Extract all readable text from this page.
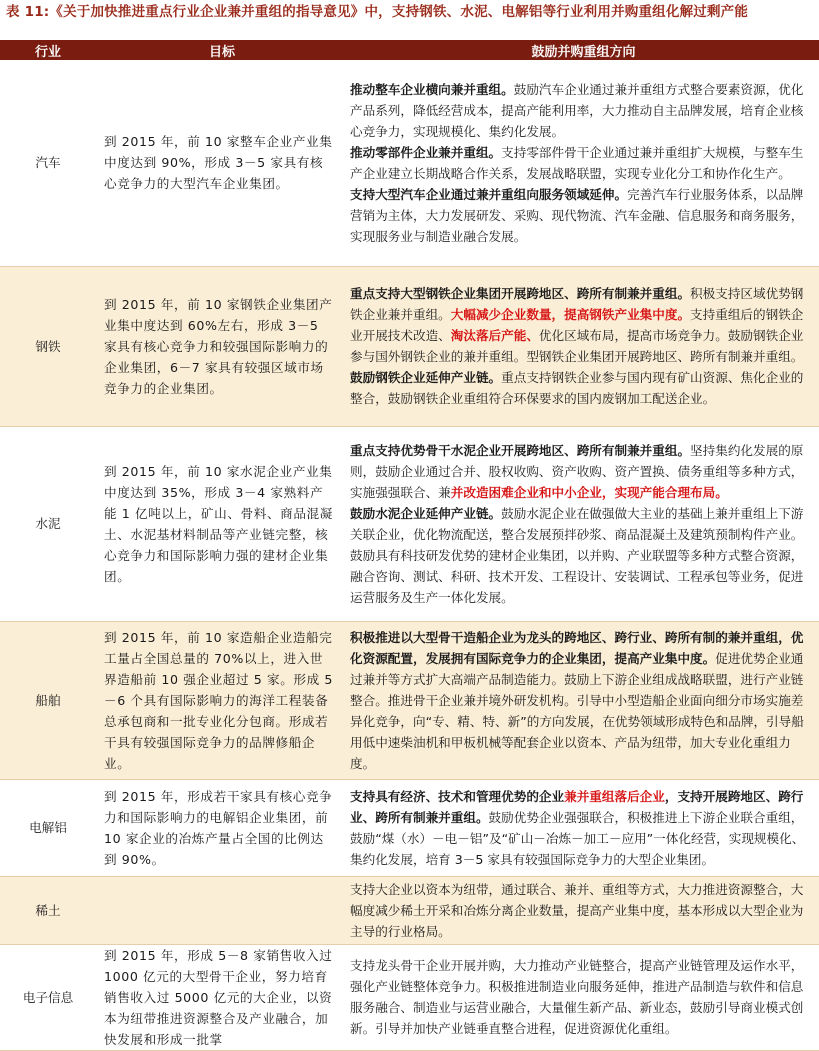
表 11:《关于加快推进重点行业企业兼并重组的指导意见》中，支持钢铁、水泥、电解铝等行业利用并购重组化解过剩产能
行业	目标	鼓励并购重组方向
汽车	到 2015 年，前 10 家整车企业产业集中度达到 90%，形成 3－5 家具有核心竞争力的大型汽车企业集团。	推动整车企业横向兼并重组。鼓励汽车企业通过兼并重组方式整合要素资源，优化产品系列，降低经营成本，提高产能利用率，大力推动自主品牌发展，培育企业核心竞争力，实现规模化、集约化发展。
推动零部件企业兼并重组。支持零部件骨干企业通过兼并重组扩大规模，与整车生产企业建立长期战略合作关系，发展战略联盟，实现专业化分工和协作化生产。
支持大型汽车企业通过兼并重组向服务领域延伸。完善汽车行业服务体系，以品牌营销为主体，大力发展研发、采购、现代物流、汽车金融、信息服务和商务服务，实现服务业与制造业融合发展。

钢铁	到 2015 年，前 10 家钢铁企业集团产业集中度达到 60%左右，形成 3－5 家具有核心竞争力和较强国际影响力的企业集团，6－7 家具有较强区域市场竞争力的企业集团。	重点支持大型钢铁企业集团开展跨地区、跨所有制兼并重组。积极支持区域优势钢铁企业兼并重组。大幅减少企业数量，提高钢铁产业集中度。支持重组后的钢铁企业开展技术改造、淘汰落后产能、优化区域布局，提高市场竞争力。鼓励钢铁企业参与国外钢铁企业的兼并重组。型钢铁企业集团开展跨地区、跨所有制兼并重组。
鼓励钢铁企业延伸产业链。重点支持钢铁企业参与国内现有矿山资源、焦化企业的整合，鼓励钢铁企业重组符合环保要求的国内废钢加工配送企业。

水泥	到 2015 年，前 10 家水泥企业产业集中度达到 35%，形成 3－4 家熟料产能 1 亿吨以上，矿山、骨料、商品混凝土、水泥基材料制品等产业链完整，核心竞争力和国际影响力强的建材企业集团。	重点支持优势骨干水泥企业开展跨地区、跨所有制兼并重组。坚持集约化发展的原则，鼓励企业通过合并、股权收购、资产收购、资产置换、债务重组等多种方式，实施强强联合、兼并改造困难企业和中小企业，实现产能合理布局。
鼓励水泥企业延伸产业链。鼓励水泥企业在做强做大主业的基础上兼并重组上下游关联企业，优化物流配送，整合发展预拌砂浆、商品混凝土及建筑预制构件产业。鼓励具有科技研发优势的建材企业集团，以并购、产业联盟等多种方式整合资源，融合咨询、测试、科研、技术开发、工程设计、安装调试、工程承包等业务，促进运营服务及生产一体化发展。

船舶	到 2015 年，前 10 家造船企业造船完工量占全国总量的 70%以上，进入世界造船前 10 强企业超过 5 家。形成 5－6 个具有国际影响力的海洋工程装备总承包商和一批专业化分包商。形成若干具有较强国际竞争力的品牌修船企业。	积极推进以大型骨干造船企业为龙头的跨地区、跨行业、跨所有制的兼并重组，优化资源配置，发展拥有国际竞争力的企业集团，提高产业集中度。促进优势企业通过兼并等方式扩大高端产品制造能力。鼓励上下游企业组成战略联盟，进行产业链整合。推进骨干企业兼并境外研发机构。引导中小型造船企业面向细分市场实施差异化竞争，向“专、精、特、新”的方向发展，在优势领域形成特色和品牌，引导船用低中速柴油机和甲板机械等配套企业以资本、产品为纽带，加大专业化重组力度。

电解铝	到 2015 年，形成若干家具有核心竞争力和国际影响力的电解铝企业集团，前 10 家企业的冶炼产量占全国的比例达到 90%。	支持具有经济、技术和管理优势的企业兼并重组落后企业，支持开展跨地区、跨行业、跨所有制兼并重组。鼓励优势企业强强联合，积极推进上下游企业联合重组，鼓励“煤（水）－电－铝”及“矿山－冶炼－加工－应用”一体化经营，实现规模化、集约化发展，培育 3－5 家具有较强国际竞争力的大型企业集团。

稀土		支持大企业以资本为纽带，通过联合、兼并、重组等方式，大力推进资源整合，大幅度减少稀土开采和冶炼分离企业数量，提高产业集中度，基本形成以大型企业为主导的行业格局。

电子信息	到 2015 年，形成 5－8 家销售收入过 1000 亿元的大型骨干企业，努力培育销售收入过 5000 亿元的大企业，以资本为纽带推进资源整合及产业融合，加快发展和形成一批掌	支持龙头骨干企业开展并购，大力推动产业链整合，提高产业链管理及运作水平，强化产业链整体竞争力。积极推进制造业向服务延伸，推进产品制造与软件和信息服务融合、制造业与运营业融合，大量催生新产品、新业态，鼓励引导商业模式创新。引导并加快产业链垂直整合进程，促进资源优化重组。
